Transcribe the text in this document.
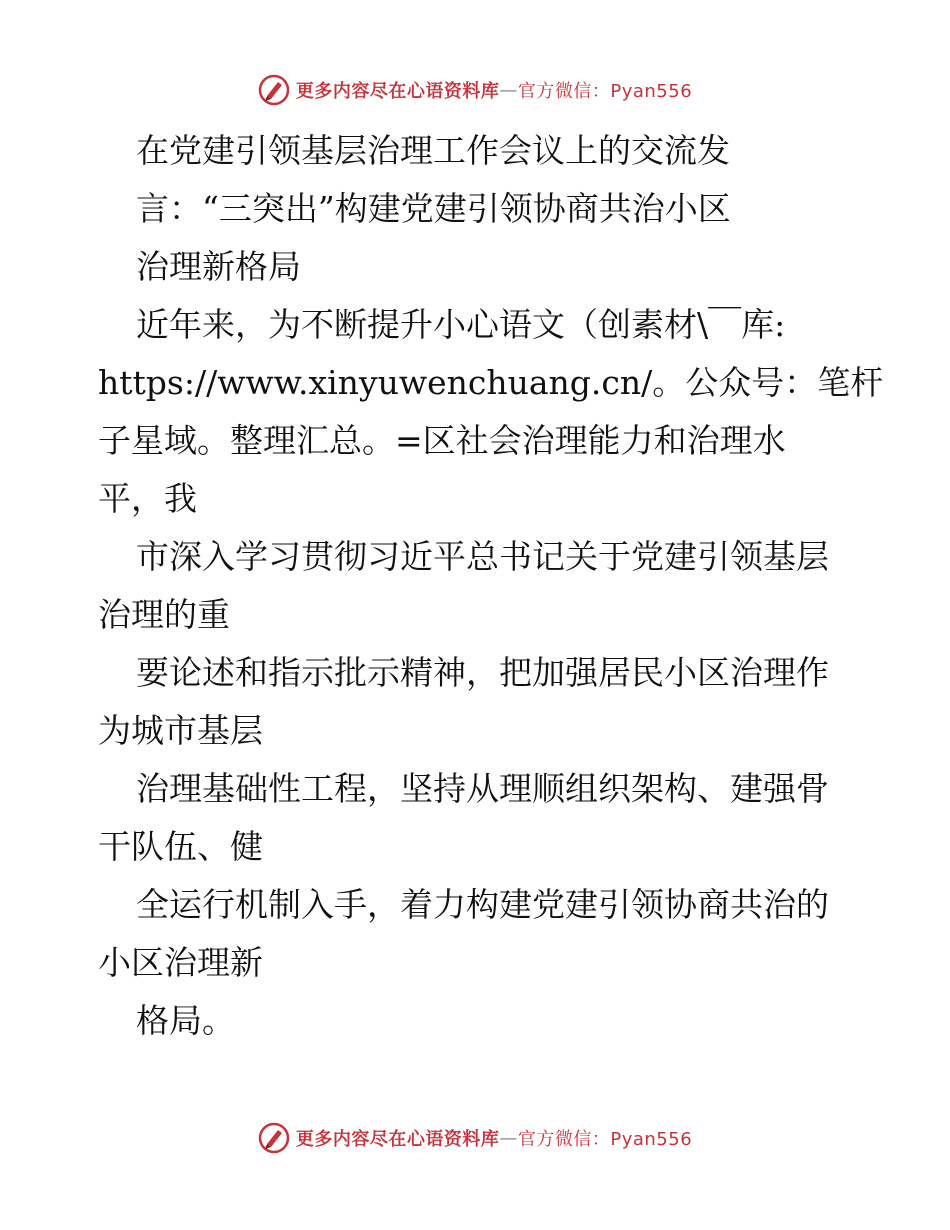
更多内容尽在心语资料库 — 官方微信：Pyan556
在党建引领基层治理工作会议上的交流发
言：“三突出”构建党建引领协商共治小区
治理新格局
近年来，为不断提升小心语文（创素材\￣库:
https://www.xinyuwenchuang.cn/。公众号：笔杆
子星域。整理汇总。=区社会治理能力和治理水
平，我
市深入学习贯彻习近平总书记关于党建引领基层
治理的重
要论述和指示批示精神，把加强居民小区治理作
为城市基层
治理基础性工程，坚持从理顺组织架构、建强骨
干队伍、健
全运行机制入手，着力构建党建引领协商共治的
小区治理新
格局。
更多内容尽在心语资料库 — 官方微信：Pyan556
